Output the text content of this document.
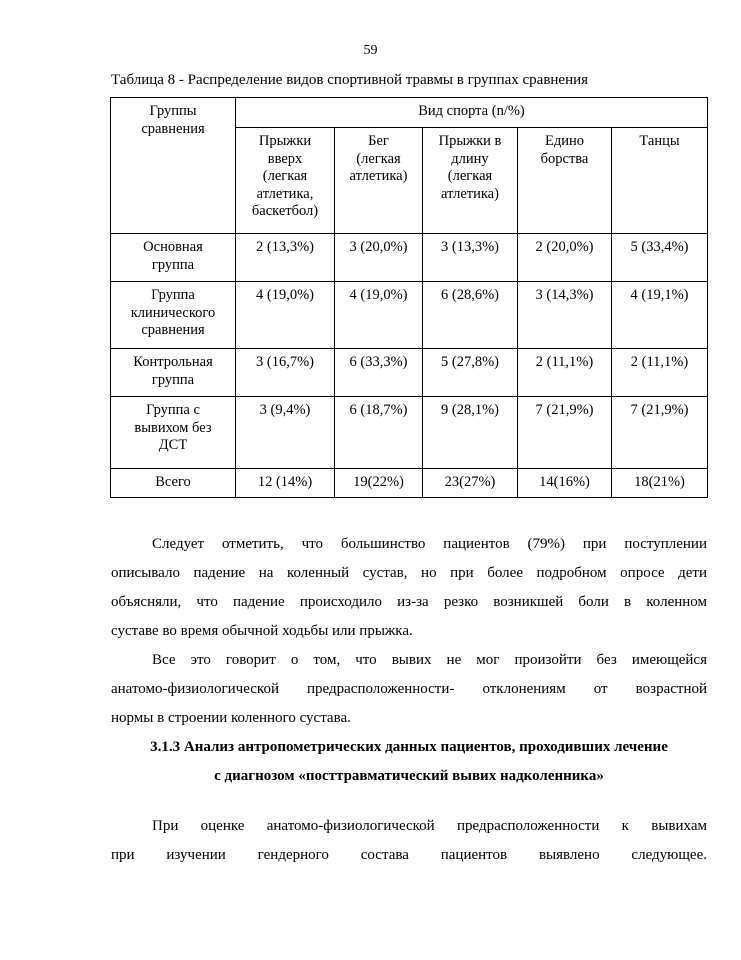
59
Таблица 8 - Распределение видов спортивной травмы в группах сравнения
Группы
сравнения	Вид спорта (n/%)				

	Прыжки
вверх
(легкая
атлетика,
баскетбол)	Бег
(легкая
атлетика)	Прыжки в
длину
(легкая
атлетика)	Едино
борства	Танцы

Основная
группа	2 (13,3%)	3 (20,0%)	3 (13,3%)	2 (20,0%)	5 (33,4%)

Группа
клинического
сравнения	4 (19,0%)	4 (19,0%)	6 (28,6%)	3 (14,3%)	4 (19,1%)

Контрольная
группа	3 (16,7%)	6 (33,3%)	5 (27,8%)	2 (11,1%)	2 (11,1%)

Группа с
вывихом без
ДСТ	3 (9,4%)	6 (18,7%)	9 (28,1%)	7 (21,9%)	7 (21,9%)

Всего	12 (14%)	19(22%)	23(27%)	14(16%)	18(21%)

Следует отметить, что большинство пациентов (79%) при поступлении
описывало падение на коленный сустав, но при более подробном опросе дети
объясняли, что падение происходило из-за резко возникшей боли в коленном
суставе во время обычной ходьбы или прыжка.

Все это говорит о том, что вывих не мог произойти без имеющейся
анатомо-физиологической предрасположенности- отклонениям от возрастной
нормы в строении коленного сустава.

3.1.3 Анализ антропометрических данных пациентов, проходивших лечение
с диагнозом «посттравматический вывих надколенника»

При оценке анатомо-физиологической предрасположенности к вывихам
при изучении гендерного состава пациентов выявлено следующее.
